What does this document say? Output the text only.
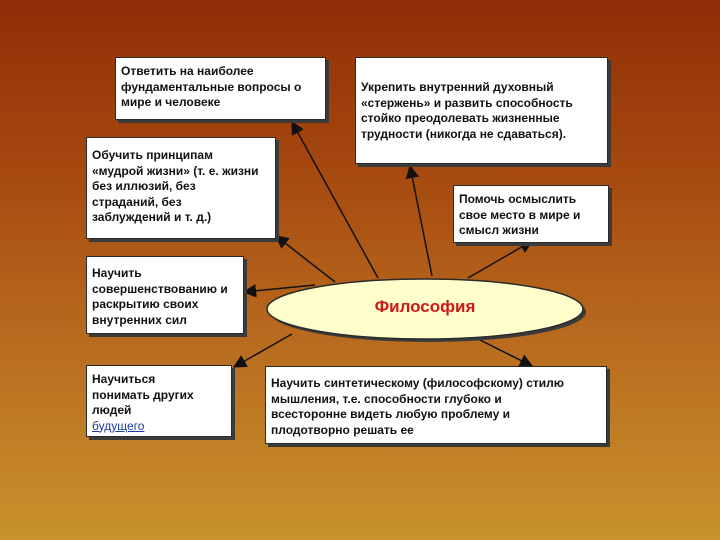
Философия
Ответить на наиболее
фундаментальные вопросы о
мире и человеке
Укрепить внутренний духовный
«стержень» и развить способность
стойко преодолевать жизненные
трудности (никогда не сдаваться).
Обучить принципам
«мудрой жизни» (т. е. жизни
без иллюзий, без
страданий, без
заблуждений и т. д.)
Помочь осмыслить
свое место в мире и
смысл жизни
Научить
совершенствованию и
раскрытию своих
внутренних сил
Научиться
понимать других
людей
будущего
Научить синтетическому (философскому) стилю
мышления, т.е. способности глубоко и
всесторонне видеть любую проблему и
плодотворно решать ее
